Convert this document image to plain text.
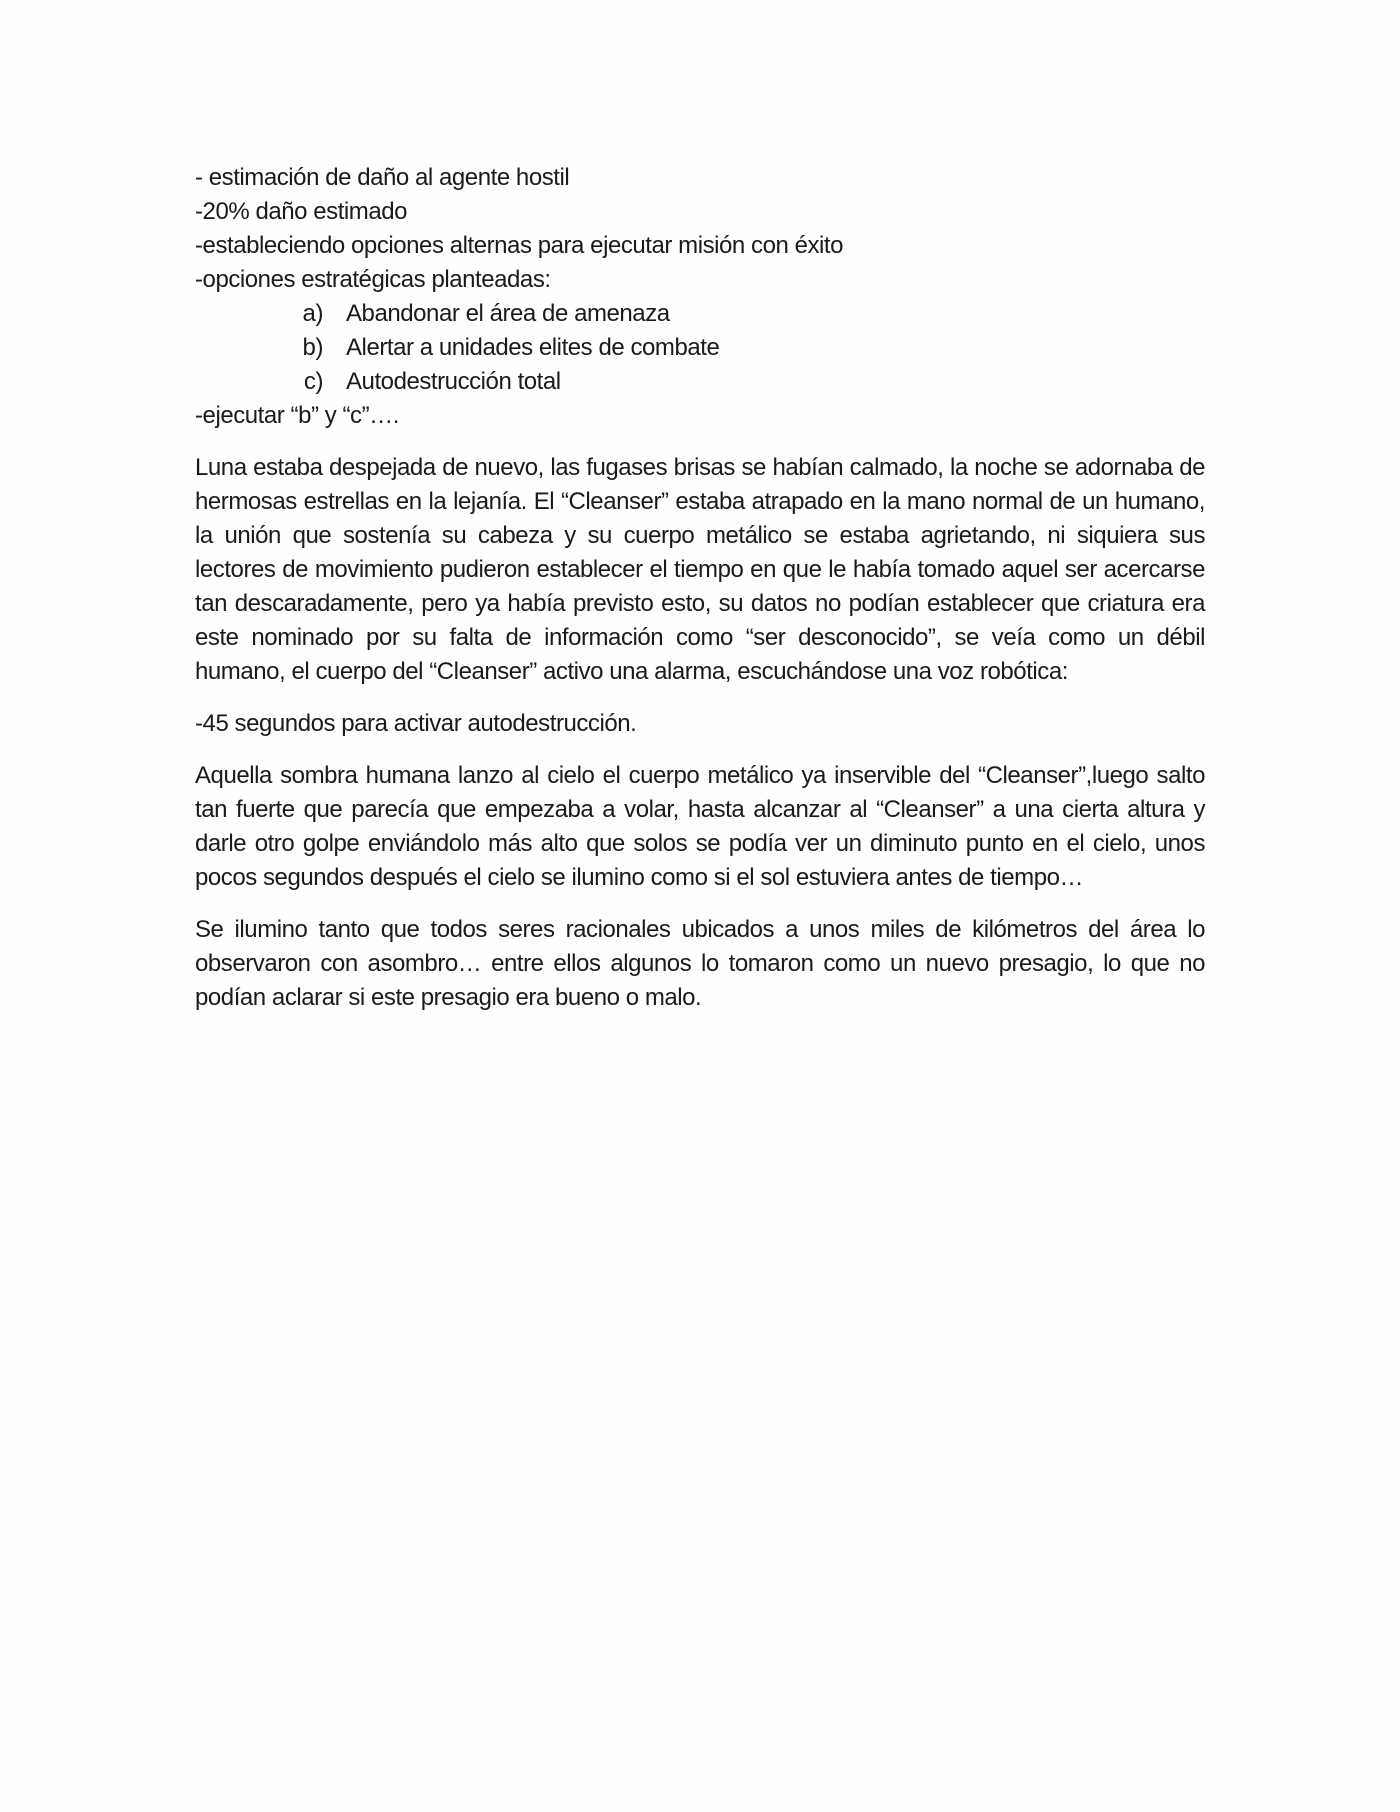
- estimación de daño al agente hostil

-20% daño estimado

-estableciendo opciones alternas para ejecutar misión con éxito

-opciones estratégicas planteadas:

a) Abandonar el área de amenaza
b) Alertar a unidades elites de combate
c) Autodestrucción total

-ejecutar “b” y “c”….

Luna estaba despejada de nuevo, las fugases brisas se habían calmado, la noche se adornaba de hermosas estrellas en la lejanía. El “Cleanser” estaba atrapado en la mano normal de un humano, la unión que sostenía su cabeza y su cuerpo metálico se estaba agrietando, ni siquiera sus lectores de movimiento pudieron establecer el tiempo en que le había tomado aquel ser acercarse tan descaradamente, pero ya había previsto esto, su datos no podían establecer que criatura era este nominado por su falta de información como “ser desconocido”, se veía como un débil humano, el cuerpo del “Cleanser” activo una alarma, escuchándose una voz robótica:

-45 segundos para activar autodestrucción.

Aquella sombra humana lanzo al cielo el cuerpo metálico ya inservible del “Cleanser”,luego salto tan fuerte que parecía que empezaba a volar, hasta alcanzar al “Cleanser” a una cierta altura y darle otro golpe enviándolo más alto que solos se podía ver un diminuto punto en el cielo, unos pocos segundos después el cielo se ilumino como si el sol estuviera antes de tiempo…

Se ilumino tanto que todos seres racionales ubicados a unos miles de kilómetros del área lo observaron con asombro… entre ellos algunos lo tomaron como un nuevo presagio, lo que no podían aclarar si este presagio era bueno o malo.
